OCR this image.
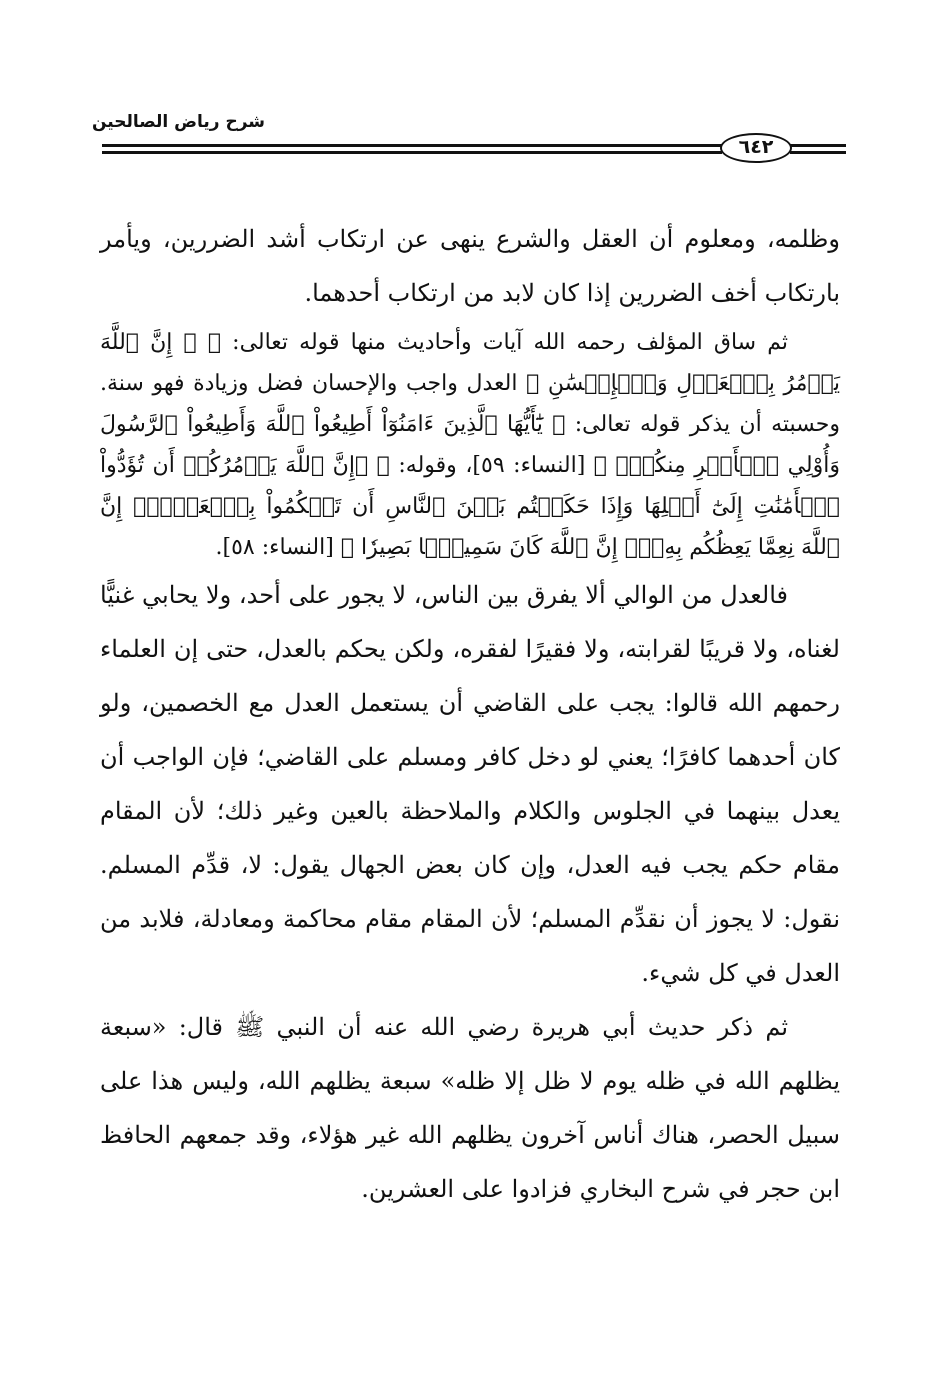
شرح رياض الصالحين
٦٤٢

وظلمه، ومعلوم أن العقل والشرع ينهى عن ارتكاب أشد الضررين، ويأمر بارتكاب أخف الضررين إذا كان لابد من ارتكاب أحدهما.

ثم ساق المؤلف رحمه الله آيات وأحاديث منها قوله تعالى: ﴿ ۞ إِنَّ ٱللَّهَ يَأۡمُرُ بِٱلۡعَدۡلِ وَٱلۡإِحۡسَٰنِ ﴾ العدل واجب والإحسان فضل وزيادة فهو سنة. وحسبته أن يذكر قوله تعالى: ﴿ يَٰٓأَيُّهَا ٱلَّذِينَ ءَامَنُوٓاْ أَطِيعُواْ ٱللَّهَ وَأَطِيعُواْ ٱلرَّسُولَ وَأُوْلِي ٱلۡأَمۡرِ مِنكُمۡۖ ﴾ [النساء: ٥٩]، وقوله: ﴿ ۞إِنَّ ٱللَّهَ يَأۡمُرُكُمۡ أَن تُؤَدُّواْ ٱلۡأَمَٰنَٰتِ إِلَىٰٓ أَهۡلِهَا وَإِذَا حَكَمۡتُم بَيۡنَ ٱلنَّاسِ أَن تَحۡكُمُواْ بِٱلۡعَدۡلِۚ إِنَّ ٱللَّهَ نِعِمَّا يَعِظُكُم بِهِۦٓۗ إِنَّ ٱللَّهَ كَانَ سَمِيعَۢا بَصِيرٗا ﴾ [النساء: ٥٨].

فالعدل من الوالي ألا يفرق بين الناس، لا يجور على أحد، ولا يحابي غنيًّا لغناه، ولا قريبًا لقرابته، ولا فقيرًا لفقره، ولكن يحكم بالعدل، حتى إن العلماء رحمهم الله قالوا: يجب على القاضي أن يستعمل العدل مع الخصمين، ولو كان أحدهما كافرًا؛ يعني لو دخل كافر ومسلم على القاضي؛ فإن الواجب أن يعدل بينهما في الجلوس والكلام والملاحظة بالعين وغير ذلك؛ لأن المقام مقام حكم يجب فيه العدل، وإن كان بعض الجهال يقول: لا، قدِّم المسلم. نقول: لا يجوز أن نقدِّم المسلم؛ لأن المقام مقام محاكمة ومعادلة، فلابد من العدل في كل شيء.

ثم ذكر حديث أبي هريرة رضي الله عنه أن النبي ﷺ قال: «سبعة يظلهم الله في ظله يوم لا ظل إلا ظله» سبعة يظلهم الله، وليس هذا على سبيل الحصر، هناك أناس آخرون يظلهم الله غير هؤلاء، وقد جمعهم الحافظ ابن حجر في شرح البخاري فزادوا على العشرين.
